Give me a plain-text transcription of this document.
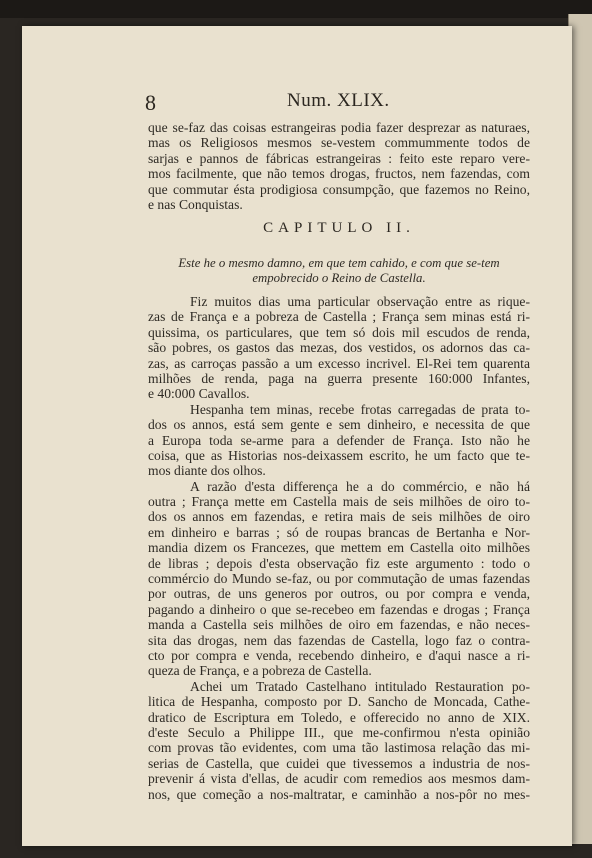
8	Num. XLIX.
que se-faz das coisas estrangeiras podia fazer desprezar as naturaes,
mas os Religiosos mesmos se-vestem commummente todos de
sarjas e pannos de fábricas estrangeiras : feito este reparo vere-
mos facilmente, que não temos drogas, fructos, nem fazendas, com
que commutar ésta prodigiosa consumpção, que fazemos no Reino,
e nas Conquistas.
CAPITULO II.
Este he o mesmo damno, em que tem cahido, e com que se-tem
empobrecido o Reino de Castella.
Fiz muitos dias uma particular observação entre as rique-
zas de França e a pobreza de Castella ; França sem minas está ri-
quissima, os particulares, que tem só dois mil escudos de renda,
são pobres, os gastos das mezas, dos vestidos, os adornos das ca-
zas, as carroças passão a um excesso incrivel. El-Rei tem quarenta
milhões de renda, paga na guerra presente 160:000 Infantes,
e 40:000 Cavallos.
Hespanha tem minas, recebe frotas carregadas de prata to-
dos os annos, está sem gente e sem dinheiro, e necessita de que
a Europa toda se-arme para a defender de França. Isto não he
coisa, que as Historias nos-deixassem escrito, he um facto que te-
mos diante dos olhos.
A razão d'esta differença he a do commércio, e não há
outra ; França mette em Castella mais de seis milhões de oiro to-
dos os annos em fazendas, e retira mais de seis milhões de oiro
em dinheiro e barras ; só de roupas brancas de Bertanha e Nor-
mandia dizem os Francezes, que mettem em Castella oito milhões
de libras ; depois d'esta observação fiz este argumento : todo o
commércio do Mundo se-faz, ou por commutação de umas fazendas
por outras, de uns generos por outros, ou por compra e venda,
pagando a dinheiro o que se-recebeo em fazendas e drogas ; França
manda a Castella seis milhões de oiro em fazendas, e não neces-
sita das drogas, nem das fazendas de Castella, logo faz o contra-
cto por compra e venda, recebendo dinheiro, e d'aqui nasce a ri-
queza de França, e a pobreza de Castella.
Achei um Tratado Castelhano intitulado Restauration po-
litica de Hespanha, composto por D. Sancho de Moncada, Cathe-
dratico de Escriptura em Toledo, e offerecido no anno de XIX.
d'este Seculo a Philippe III., que me-confirmou n'esta opinião
com provas tão evidentes, com uma tão lastimosa relação das mi-
serias de Castella, que cuidei que tivessemos a industria de nos-
prevenir á vista d'ellas, de acudir com remedios aos mesmos dam-
nos, que começão a nos-maltratar, e caminhão a nos-pôr no mes-
